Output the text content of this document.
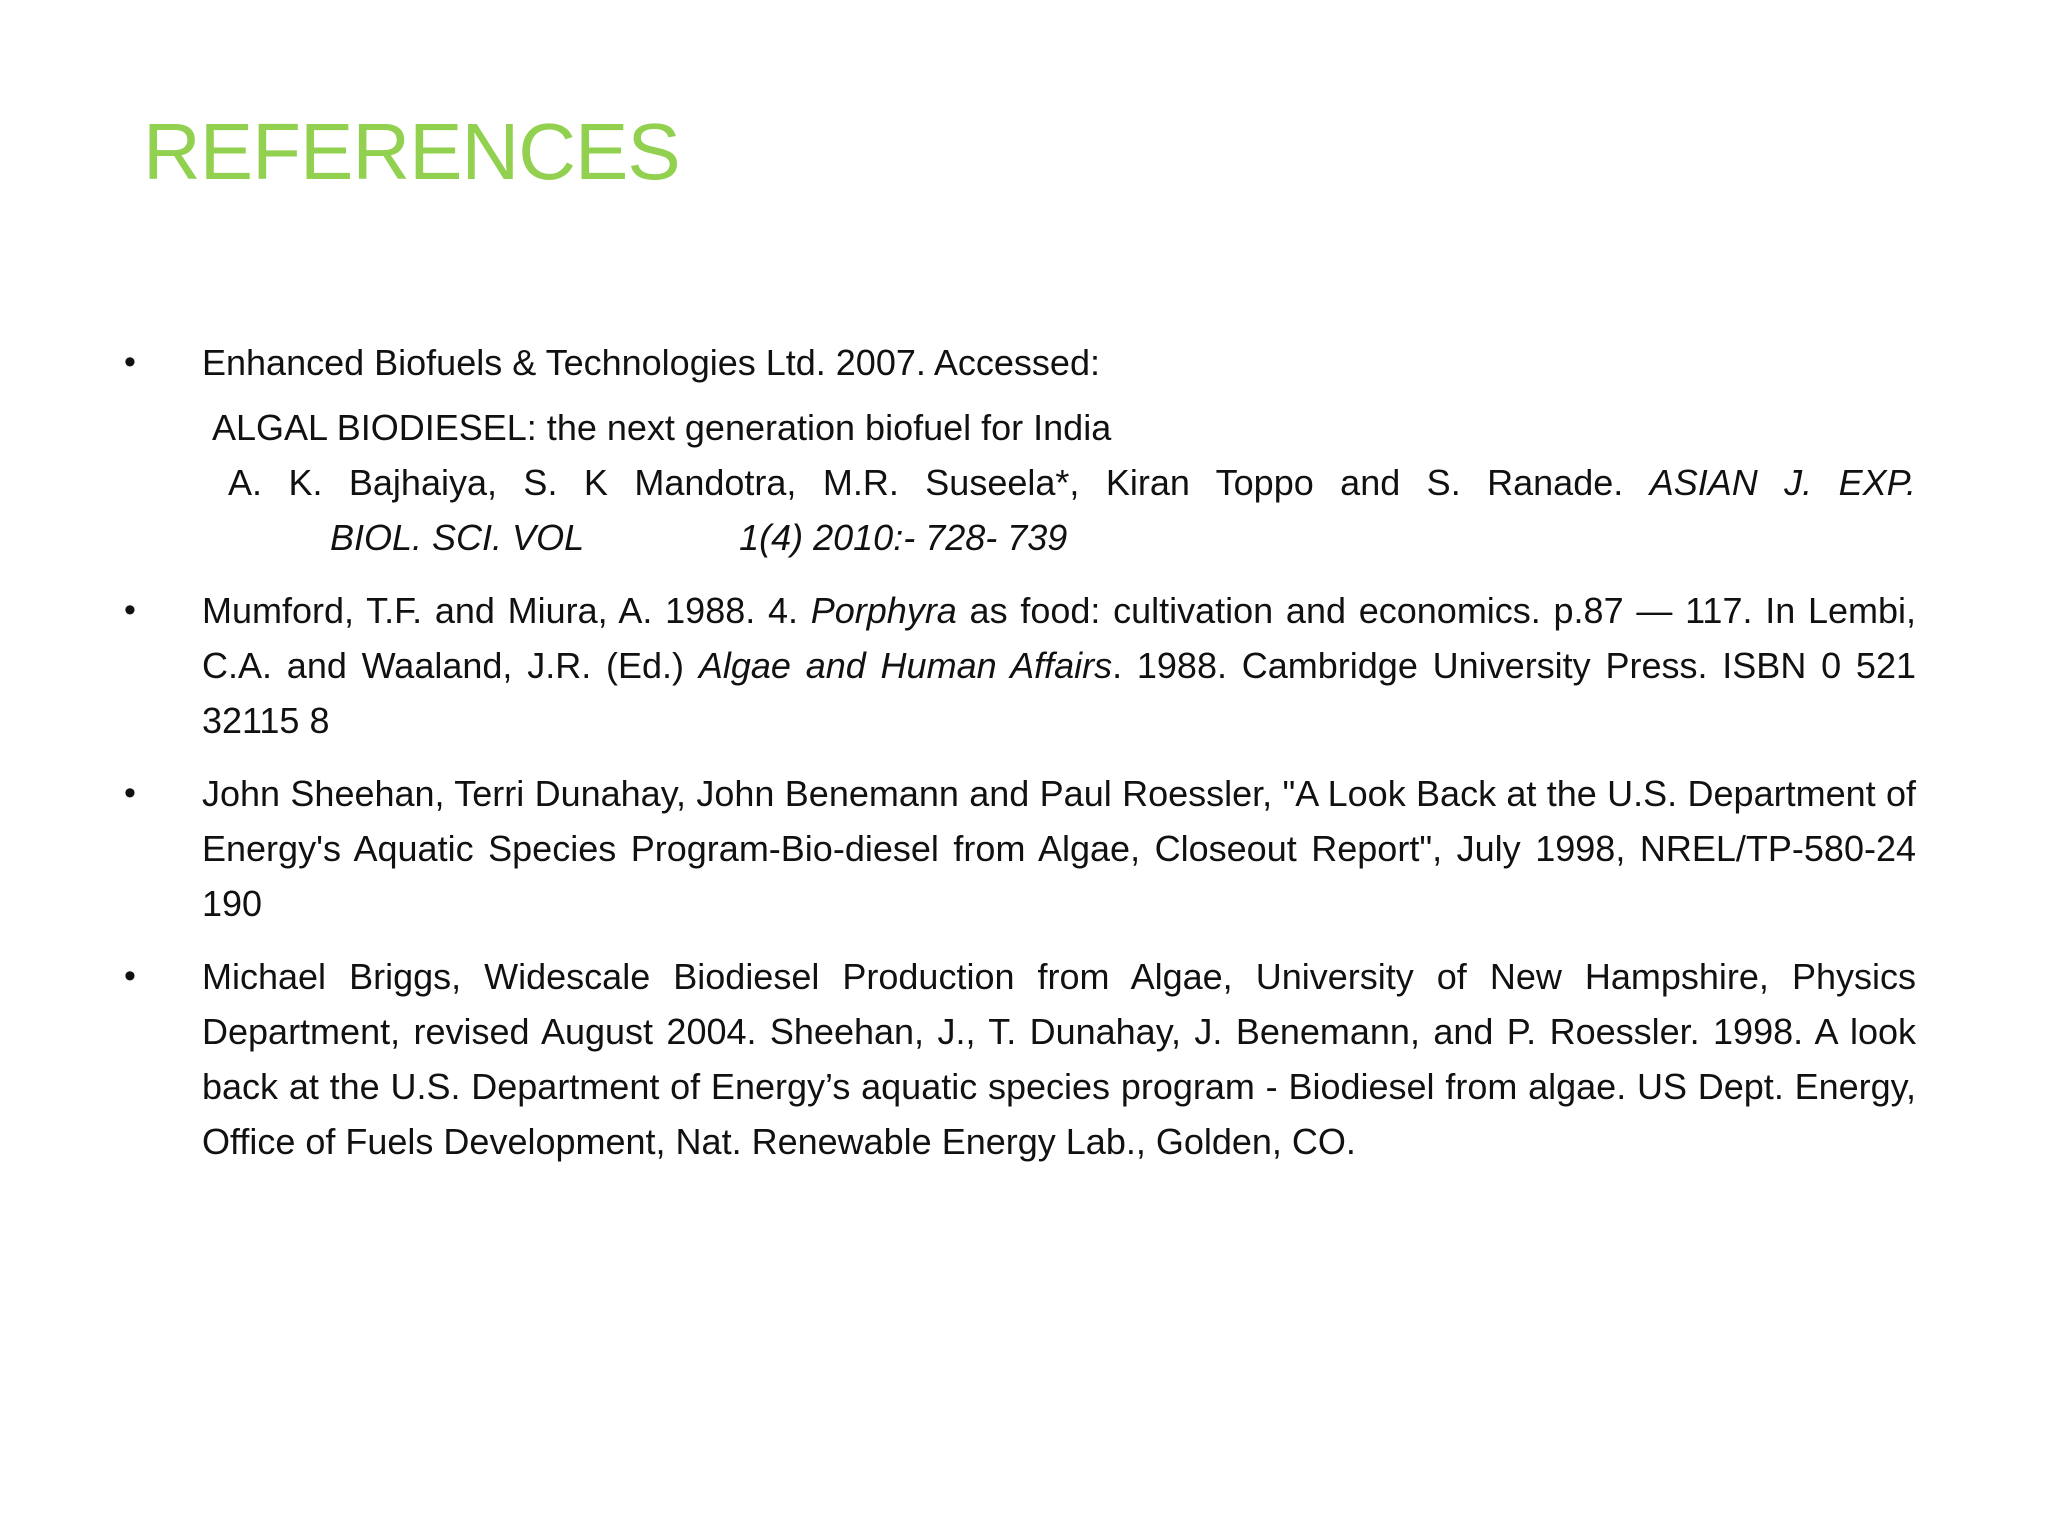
REFERENCES
• Enhanced Biofuels & Technologies Ltd. 2007. Accessed:
ALGAL BIODIESEL: the next generation biofuel for India
A. K. Bajhaiya, S. K Mandotra, M.R. Suseela*, Kiran Toppo and S. Ranade. ASIAN J. EXP.
BIOL. SCI. VOL	1(4) 2010:- 728- 739
• Mumford, T.F. and Miura, A. 1988. 4. Porphyra as food: cultivation and economics. p.87 — 117. In Lembi, C.A. and Waaland, J.R. (Ed.) Algae and Human Affairs. 1988. Cambridge University Press. ISBN 0 521 32115 8
• John Sheehan, Terri Dunahay, John Benemann and Paul Roessler, "A Look Back at the U.S. Department of Energy's Aquatic Species Program-Bio-diesel from Algae, Closeout Report", July 1998, NREL/TP-580-24 190
• Michael Briggs, Widescale Biodiesel Production from Algae, University of New Hampshire, Physics Department, revised August 2004. Sheehan, J., T. Dunahay, J. Benemann, and P. Roessler. 1998. A look back at the U.S. Department of Energy’s aquatic species program - Biodiesel from algae. US Dept. Energy, Office of Fuels Development, Nat. Renewable Energy Lab., Golden, CO.
